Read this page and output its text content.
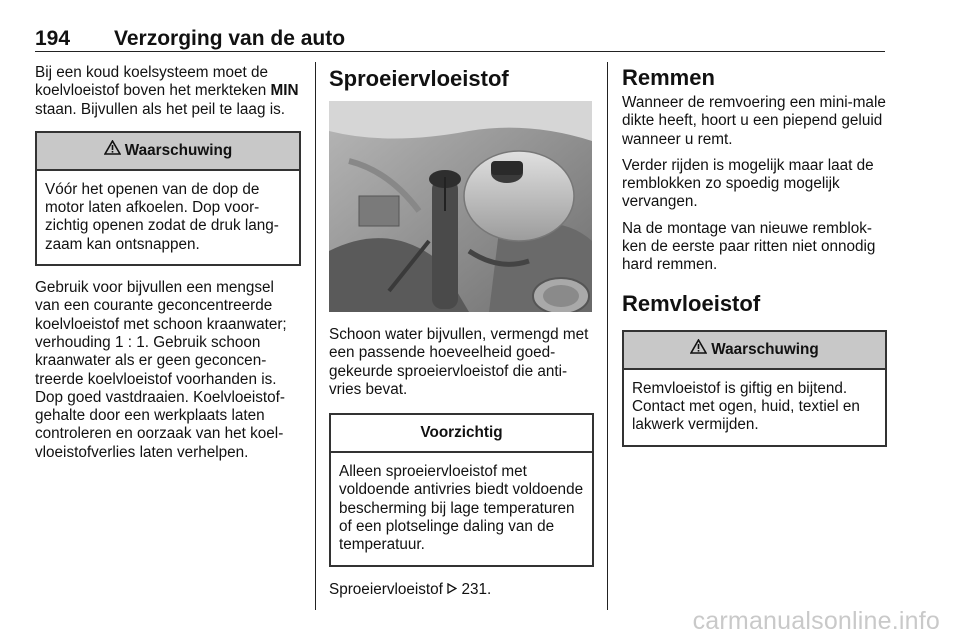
194 Verzorging van de auto

Bij een koud koelsysteem moet de koelvloeistof boven het merkteken MIN staan. Bijvullen als het peil te laag is.

Waarschuwing
Vóór het openen van de dop de motor laten afkoelen. Dop voor-zichtig openen zodat de druk lang-zaam kan ontsnappen.

Gebruik voor bijvullen een mengsel van een courante geconcentreerde koelvloeistof met schoon kraanwater; verhouding 1 : 1. Gebruik schoon kraanwater als er geen geconcen-treerde koelvloeistof voorhanden is. Dop goed vastdraaien. Koelvloeistof-gehalte door een werkplaats laten controleren en oorzaak van het koel-vloeistofverlies laten verhelpen.

Sproeiervloeistof

Schoon water bijvullen, vermengd met een passende hoeveelheid goed-gekeurde sproeiervloeistof die anti-vries bevat.

Voorzichtig
Alleen sproeiervloeistof met voldoende antivries biedt voldoende bescherming bij lage temperaturen of een plotselinge daling van de temperatuur.

Sproeiervloeistof 231.

Remmen

Wanneer de remvoering een mini-male dikte heeft, hoort u een piepend geluid wanneer u remt.

Verder rijden is mogelijk maar laat de remblokken zo spoedig mogelijk vervangen.

Na de montage van nieuwe remblok-ken de eerste paar ritten niet onnodig hard remmen.

Remvloeistof
Waarschuwing
Remvloeistof is giftig en bijtend. Contact met ogen, huid, textiel en lakwerk vermijden.
carmanualsonline.info
